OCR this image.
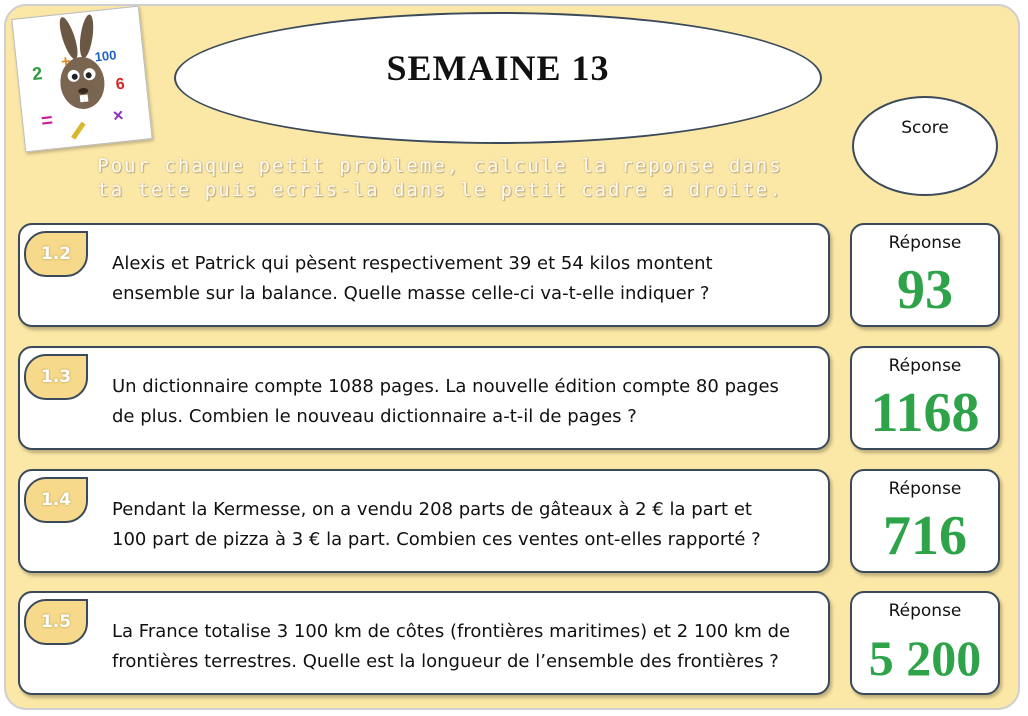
2
+ 100
6
=	×
SEMAINE 13
Score
Pour chaque petit probleme, calcule la reponse dans
ta tete puis ecris-la dans le petit cadre a droite.
1.2 Alexis et Patrick qui pèsent respectivement 39 et 54 kilos montent
ensemble sur la balance. Quelle masse celle-ci va-t-elle indiquer ?
Réponse
93
1.3 Un dictionnaire compte 1088 pages. La nouvelle édition compte 80 pages
de plus. Combien le nouveau dictionnaire a-t-il de pages ?
Réponse
1168
1.4 Pendant la Kermesse, on a vendu 208 parts de gâteaux à 2 € la part et
100 part de pizza à 3 € la part. Combien ces ventes ont-elles rapporté ?
Réponse
716
1.5 La France totalise 3 100 km de côtes (frontières maritimes) et 2 100 km de
frontières terrestres. Quelle est la longueur de l’ensemble des frontières ?
Réponse
5 200
